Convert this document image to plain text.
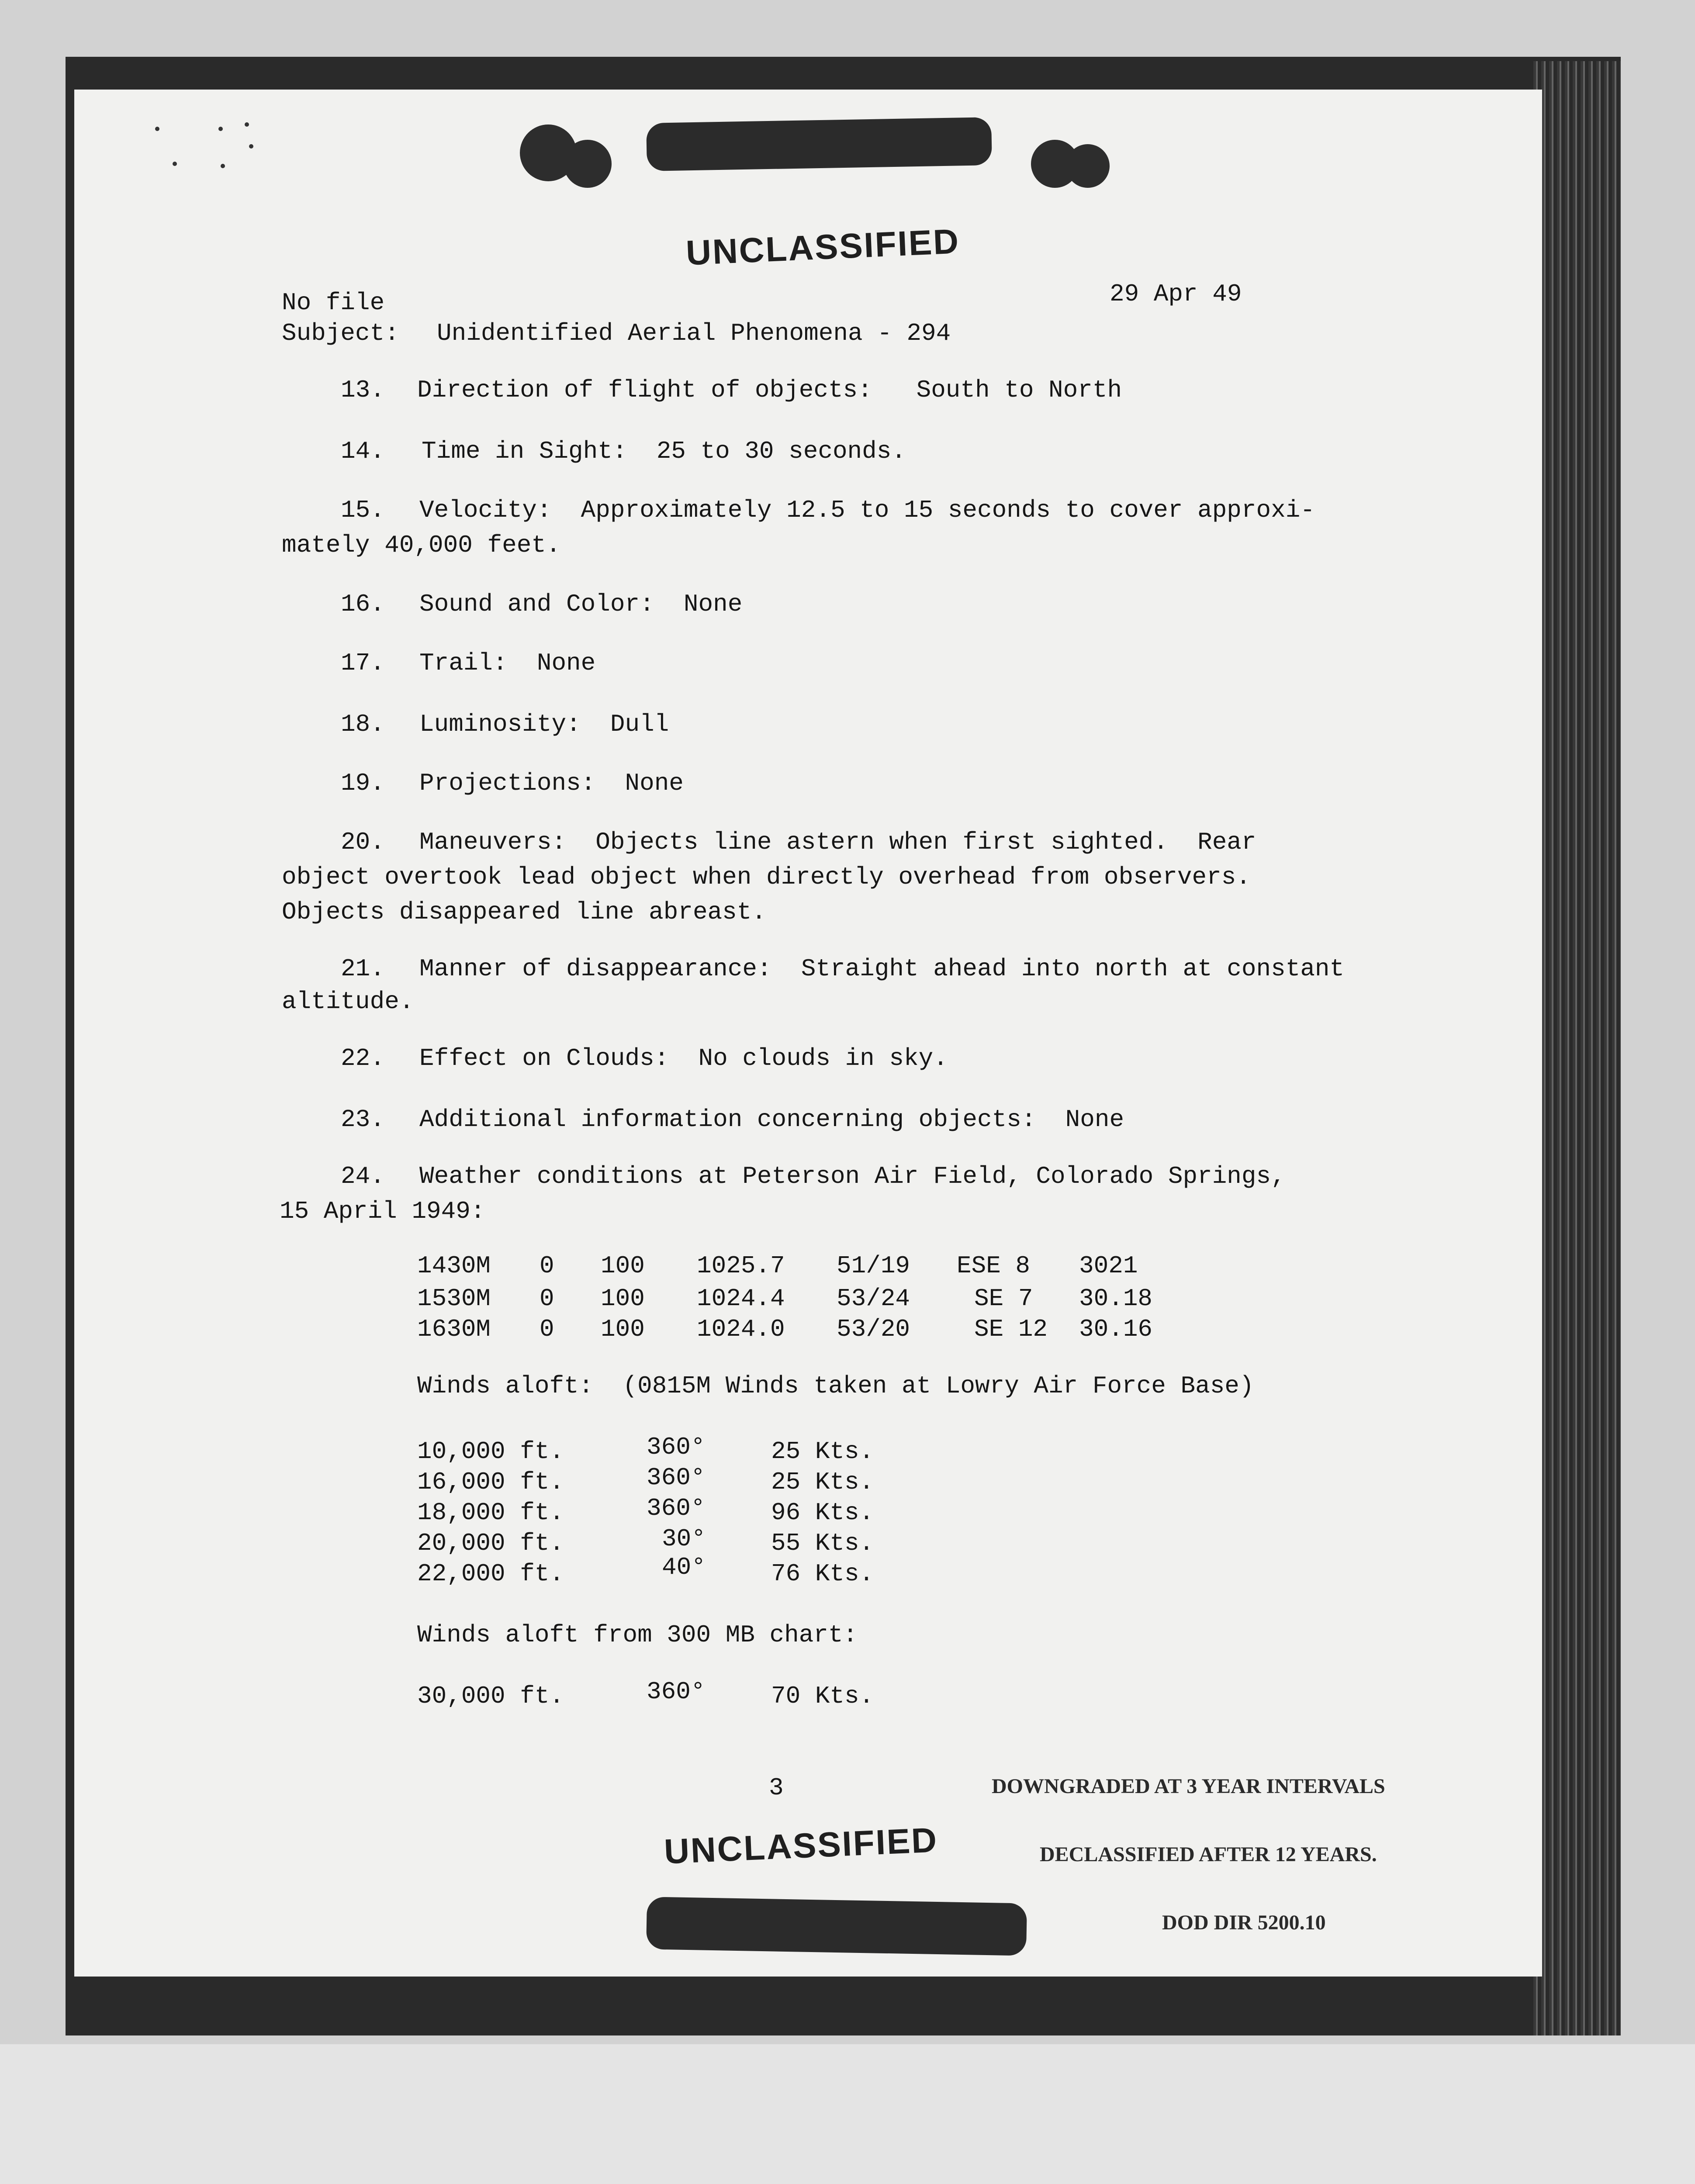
UNCLASSIFIED
UNCLASSIFIED
No file	29 Apr 49
Subject: Unidentified Aerial Phenomena - 294
13. Direction of flight of objects:   South to North
14. Time in Sight:  25 to 30 seconds.
15. Velocity:  Approximately 12.5 to 15 seconds to cover approxi-
mately 40,000 feet.
16. Sound and Color:  None
17. Trail:  None
18. Luminosity:  Dull
19. Projections:  None
20. Maneuvers:  Objects line astern when first sighted.  Rear
object overtook lead object when directly overhead from observers.
Objects disappeared line abreast.
21. Manner of disappearance:  Straight ahead into north at constant
altitude.
22. Effect on Clouds:  No clouds in sky.
23. Additional information concerning objects:  None
24. Weather conditions at Peterson Air Field, Colorado Springs,
15 April 1949:
1430M 0 100 1025.7 51/19 ESE 8 3021
1530M 0 100 1024.4 53/24	SE 7 30.18
1630M 0 100 1024.0 53/20	SE 12 30.16
Winds aloft:  (0815M Winds taken at Lowry Air Force Base)
10,000 ft.	360°	25 Kts.
16,000 ft.	360°	25 Kts.
18,000 ft.	360°	96 Kts.
20,000 ft.	30°	55 Kts.
22,000 ft.	40°	76 Kts.
Winds aloft from 300 MB chart:
30,000 ft.	360°	70 Kts.
3

	DOWNGRADED AT 3 YEAR INTERVALS

DECLASSIFIED AFTER 12 YEARS.

DOD DIR 5200.10
